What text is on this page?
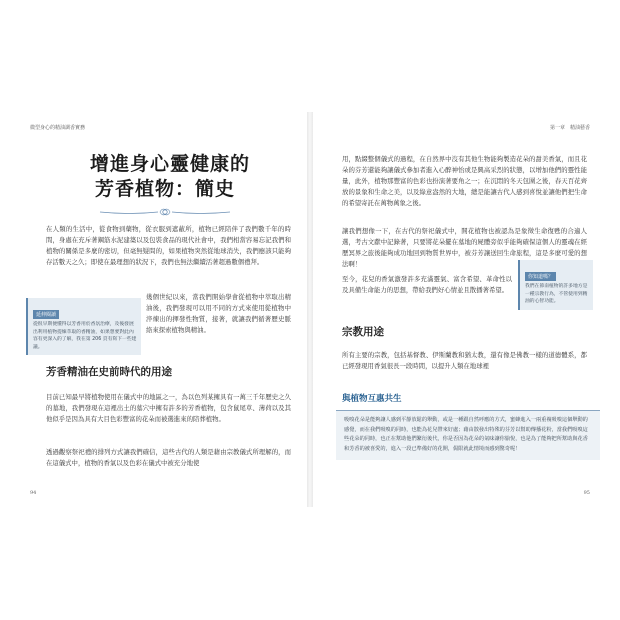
微型身心的精油調香實務
增進身心靈健康的
芳香植物：簡史

在人類的生活中，從食物到藥物，從衣服到遮蔽所，植物已經陪伴了我們數千年的時間，身處在充斥著鋼筋水泥建築以及包裝食品的現代社會中，我們相當容易忘記我們和植物的關係是多麼的密切，但毫無疑問的，如果植物突然從地球消失，我們應該只能夠存活數天之久；即使在最理想的狀況下，我們也無法繼續活著超過數個禮拜。

延伸閱讀

從很早期便懂得以芳香用於香氛治療，及後發展出利用植物提煉萃取的香精油，如果想要對此內容有更深入的了解，我在第 206 頁有寫下一些建議。

幾個世紀以來，當我們開始學會從植物中萃取出精油後，我們發現可以用不同的方式來使用從植物中淬煉出的揮發性物質，接著，就讓我們循著歷史脈絡來探索植物與精油。

芳香精油在史前時代的用途

目前已知最早將植物使用在儀式中的地區之一，為以色列某擁具有一萬三千年歷史之久的墓地，我們發現在這裡出土的墓穴中擁有許多的芳香植物，包含鼠尾草、薄荷以及其他似乎是因為具有大目色彩豐富的花朵而被選進來的陪葬植物。

透過觀察祭祀禮的排列方式讓我們確信，這些古代的人類是藉由宗教儀式所理解的，而在這儀式中，植物的香氣以及色彩在儀式中被充分地使

94
第一章　精油藝香

用，點綴整個儀式的過程，在自然界中沒有其他生物能夠製造花朵的甜美香氣，而且花朵的芬芳還能夠讓儀式參加者進入心醉神怡或是興高采烈的狀態，以增加他們的靈性能量，此外，植物那豐富的色彩也扮演著要角之一；在沉悶的冬天包圍之後，春天百花齊放的景象和生命之美，以及綠意盎然的大地，總是能讓古代人感到喜悅並讓他們把生命的希望寄託在萬物萬象之後。

讓我們想像一下，在古代的祭祀儀式中，開花植物也被認為是象徵生命復甦的合適人選，考古文獻中記錄著，只要將花朵擺在墓地的屍體旁似乎能夠確保這個人的靈魂在經歷冥界之旅後能夠成功地回到物質世界中，被芬芳讓送回生命旅程，這是多麼可愛的想法啊！

至今，花兒的香氣激發許多充滿靈氣、富含希望、革命性以及具備生命能力的思想，帶給我們好心情並且散播著希望。

你知道嗎？

我們在節南植物的許多地方是一種宗教行為，不管使用到精油的心智功能。

宗教用途

所有主要的宗教，包括基督教、伊斯蘭教和猶太教，還有像是佛教一樣的道德體系，都已經發現用香氣很長一段時間，以提升人類在地球裡

與植物互惠共生

吸嗅花朵是能夠讓人感到平靜放鬆的舉動，或是一種跟自然呼應的方式，蜜蜂進入一兩重複吸嗅這個舉動的感覺，而在我們吸嗅的同時，也能為花兒帶來好處；藉由散發出特殊的芬芳以幫助傳播花粉，當我們吸嗅這些花朵的同時，也正在幫助他們繁衍後代，你是否因為花朵的氣味讓你愉悅，也是為了能夠把所幫助與花香和芳香的被喜愛的，進入一段已準備好的花開，侷限就此情境而感到驚奇呢！

95
